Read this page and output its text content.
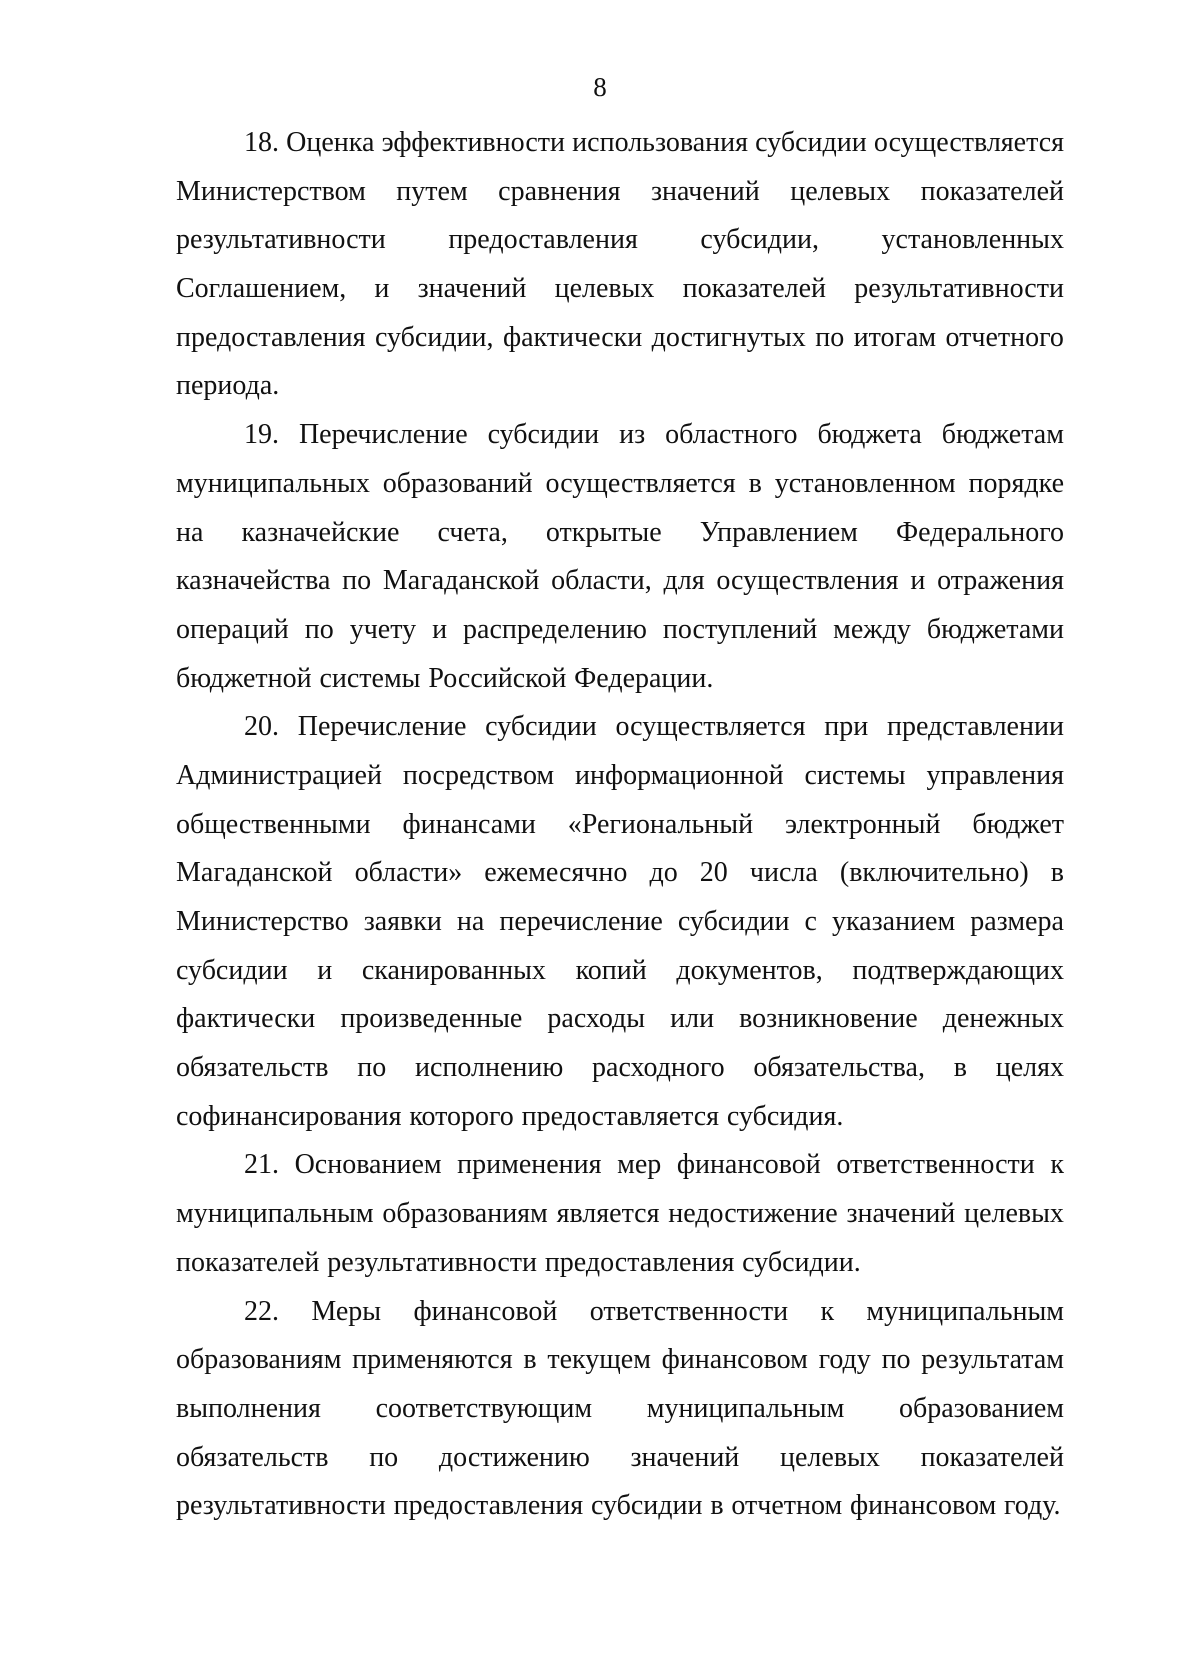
8
18. Оценка эффективности использования субсидии осуществляется
Министерством путем сравнения значений целевых показателей
результативности предоставления субсидии, установленных
Соглашением, и значений целевых показателей результативности
предоставления субсидии, фактически достигнутых по итогам отчетного
периода.
19. Перечисление субсидии из областного бюджета бюджетам
муниципальных образований осуществляется в установленном порядке
на казначейские счета, открытые Управлением Федерального
казначейства по Магаданской области, для осуществления и отражения
операций по учету и распределению поступлений между бюджетами
бюджетной системы Российской Федерации.
20. Перечисление субсидии осуществляется при представлении
Администрацией посредством информационной системы управления
общественными финансами «Региональный электронный бюджет
Магаданской области» ежемесячно до 20 числа (включительно) в
Министерство заявки на перечисление субсидии с указанием размера
субсидии и сканированных копий документов, подтверждающих
фактически произведенные расходы или возникновение денежных
обязательств по исполнению расходного обязательства, в целях
софинансирования которого предоставляется субсидия.
21. Основанием применения мер финансовой ответственности к
муниципальным образованиям является недостижение значений целевых
показателей результативности предоставления субсидии.
22. Меры финансовой ответственности к муниципальным
образованиям применяются в текущем финансовом году по результатам
выполнения соответствующим муниципальным образованием
обязательств по достижению значений целевых показателей
результативности предоставления субсидии в отчетном финансовом году.
